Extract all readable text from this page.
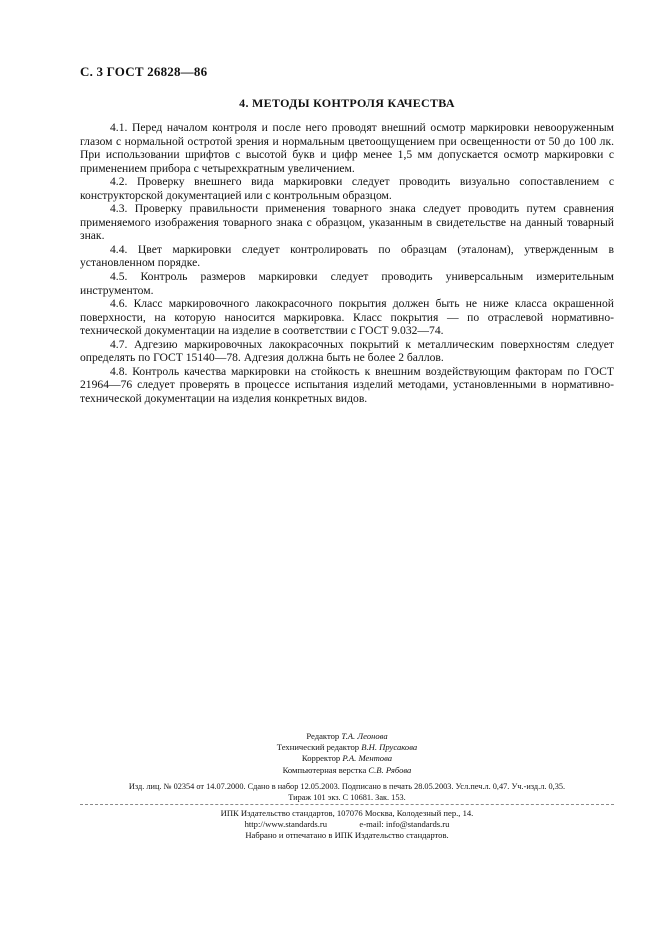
С. 3 ГОСТ 26828—86
4. МЕТОДЫ КОНТРОЛЯ КАЧЕСТВА

4.1. Перед началом контроля и после него проводят внешний осмотр маркировки невооруженным глазом с нормальной остротой зрения и нормальным цветоощущением при освещенности от 50 до 100 лк. При использовании шрифтов с высотой букв и цифр менее 1,5 мм допускается осмотр маркировки с применением прибора с четырехкратным увеличением.

4.2. Проверку внешнего вида маркировки следует проводить визуально сопоставлением с конструкторской документацией или с контрольным образцом.

4.3. Проверку правильности применения товарного знака следует проводить путем сравнения применяемого изображения товарного знака с образцом, указанным в свидетельстве на данный товарный знак.

4.4. Цвет маркировки следует контролировать по образцам (эталонам), утвержденным в установленном порядке.

4.5. Контроль размеров маркировки следует проводить универсальным измерительным инструментом.

4.6. Класс маркировочного лакокрасочного покрытия должен быть не ниже класса окрашенной поверхности, на которую наносится маркировка. Класс покрытия — по отраслевой нормативно-технической документации на изделие в соответствии с ГОСТ 9.032—74.

4.7. Адгезию маркировочных лакокрасочных покрытий к металлическим поверхностям следует определять по ГОСТ 15140—78. Адгезия должна быть не более 2 баллов.

4.8. Контроль качества маркировки на стойкость к внешним воздействующим факторам по ГОСТ 21964—76 следует проверять в процессе испытания изделий методами, установленными в нормативно-технической документации на изделия конкретных видов.

Редактор Т.А. Леонова
Технический редактор В.Н. Прусакова
Корректор Р.А. Ментова
Компьютерная верстка С.В. Рябова
Изд. лиц. № 02354 от 14.07.2000. Сдано в набор 12.05.2003. Подписано в печать 28.05.2003. Усл.печ.л. 0,47. Уч.-изд.л. 0,35.
Тираж 101 экз. С 10681. Зак. 153.
ИПК Издательство стандартов, 107076 Москва, Колодезный пер., 14.
http://www.standards.ru	e-mail: info@standards.ru
Набрано и отпечатано в ИПК Издательство стандартов.
